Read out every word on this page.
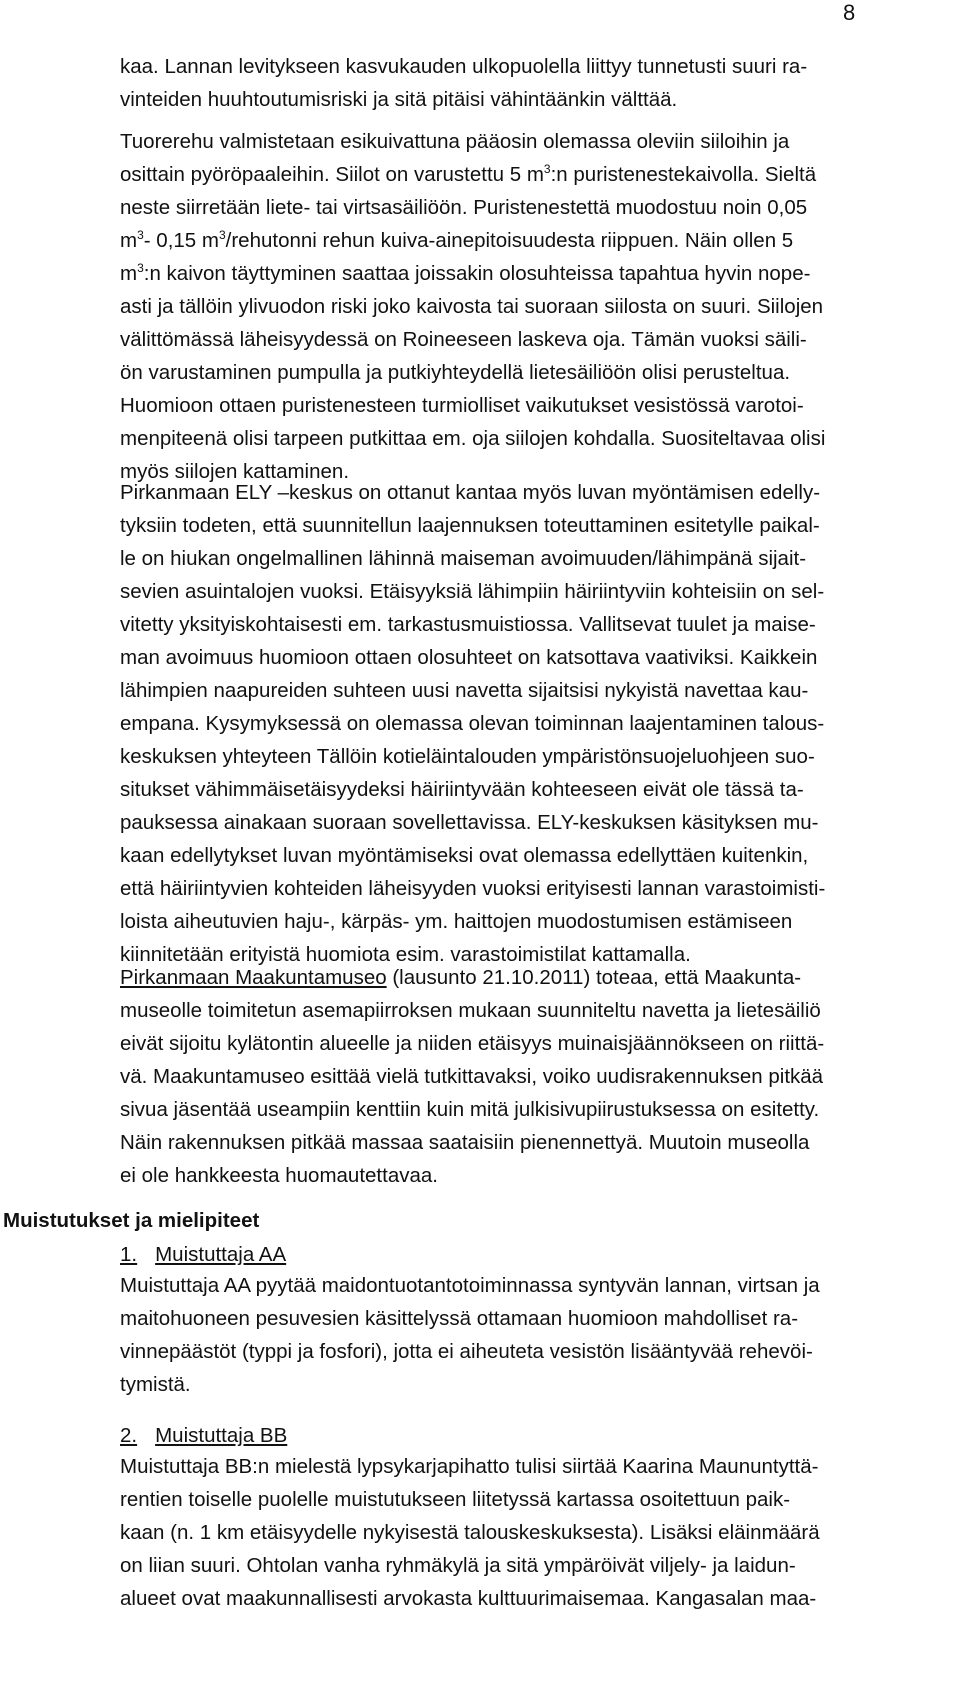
8
kaa. Lannan levitykseen kasvukauden ulkopuolella liittyy tunnetusti suuri ra-
vinteiden huuhtoutumisriski ja sitä pitäisi vähintäänkin välttää.
Tuorerehu valmistetaan esikuivattuna pääosin olemassa oleviin siiloihin ja
osittain pyöröpaaleihin. Siilot on varustettu 5 $m^3:n$ puristenestekaivolla. Sieltä
neste siirretään liete- tai virtsasäiliöön. Puristenestettä muodostuu noin 0,05
$m^3-$ 0,15 $m^3$/rehutonni rehun kuiva-ainepitoisuudesta riippuen. Näin ollen 5
$m^3:n$ kaivon täyttyminen saattaa joissakin olosuhteissa tapahtua hyvin nope-
asti ja tällöin ylivuodon riski joko kaivosta tai suoraan siilosta on suuri. Siilojen
välittömässä läheisyydessä on Roineeseen laskeva oja. Tämän vuoksi säili-
ön varustaminen pumpulla ja putkiyhteydellä lietesäiliöön olisi perusteltua.
Huomioon ottaen puristenesteen turmiolliset vaikutukset vesistössä varotoi-
menpiteenä olisi tarpeen putkittaa em. oja siilojen kohdalla. Suositeltavaa olisi
myös siilojen kattaminen.
Pirkanmaan ELY –keskus on ottanut kantaa myös luvan myöntämisen edelly-
tyksiin todeten, että suunnitellun laajennuksen toteuttaminen esitetylle paikal-
le on hiukan ongelmallinen lähinnä maiseman avoimuuden/lähimpänä sijait-
sevien asuintalojen vuoksi. Etäisyyksiä lähimpiin häiriintyviin kohteisiin on sel-
vitetty yksityiskohtaisesti em. tarkastusmuistiossa. Vallitsevat tuulet ja maise-
man avoimuus huomioon ottaen olosuhteet on katsottava vaativiksi. Kaikkein
lähimpien naapureiden suhteen uusi navetta sijaitsisi nykyistä navettaa kau-
empana. Kysymyksessä on olemassa olevan toiminnan laajentaminen talous-
keskuksen yhteyteen Tällöin kotieläintalouden ympäristönsuojeluohjeen suo-
situkset vähimmäisetäisyydeksi häiriintyvään kohteeseen eivät ole tässä ta-
pauksessa ainakaan suoraan sovellettavissa. ELY-keskuksen käsityksen mu-
kaan edellytykset luvan myöntämiseksi ovat olemassa edellyttäen kuitenkin,
että häiriintyvien kohteiden läheisyyden vuoksi erityisesti lannan varastoimisti-
loista aiheutuvien haju-, kärpäs- ym. haittojen muodostumisen estämiseen
kiinnitetään erityistä huomiota esim. varastoimistilat kattamalla.
Pirkanmaan Maakuntamuseo (lausunto 21.10.2011) toteaa, että Maakunta-
museolle toimitetun asemapiirroksen mukaan suunniteltu navetta ja lietesäiliö
eivät sijoitu kylätontin alueelle ja niiden etäisyys muinaisjäännökseen on riittä-
vä. Maakuntamuseo esittää vielä tutkittavaksi, voiko uudisrakennuksen pitkää
sivua jäsentää useampiin kenttiin kuin mitä julkisivupiirustuksessa on esitetty.
Näin rakennuksen pitkää massaa saataisiin pienennettyä. Muutoin museolla
ei ole hankkeesta huomautettavaa.
Muistutukset ja mielipiteet
1. Muistuttaja AA
Muistuttaja AA pyytää maidontuotantotoiminnassa syntyvän lannan, virtsan ja
maitohuoneen pesuvesien käsittelyssä ottamaan huomioon mahdolliset ra-
vinnepäästöt (typpi ja fosfori), jotta ei aiheuteta vesistön lisääntyvää rehevöi-
tymistä.
2. Muistuttaja BB
Muistuttaja BB:n mielestä lypsykarjapihatto tulisi siirtää Kaarina Maununtyttä-
rentien toiselle puolelle muistutukseen liitetyssä kartassa osoitettuun paik-
kaan (n. 1 km etäisyydelle nykyisestä talouskeskuksesta). Lisäksi eläinmäärä
on liian suuri. Ohtolan vanha ryhmäkylä ja sitä ympäröivät viljely- ja laidun-
alueet ovat maakunnallisesti arvokasta kulttuurimaisemaa. Kangasalan maa-
